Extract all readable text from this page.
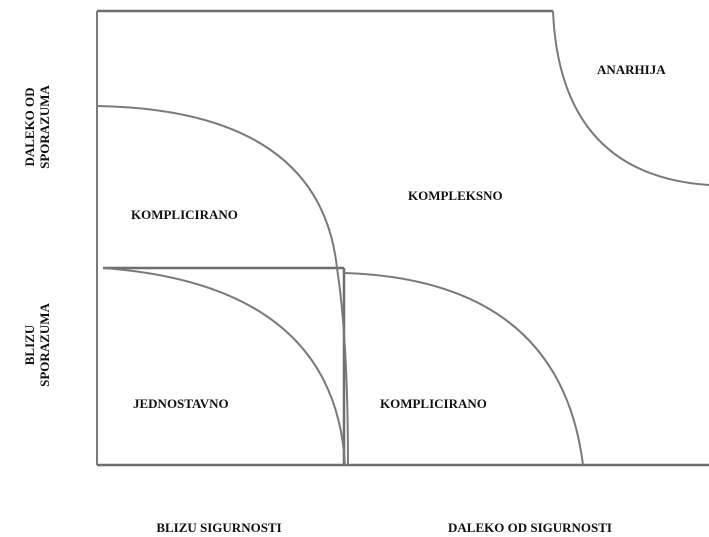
ANARHIJA
KOMPLEKSNO
KOMPLICIRANO
JEDNOSTAVNO	KOMPLICIRANO
DALEKO OD SPORAZUMA
BLIZU SPORAZUMA
BLIZU SIGURNOSTI	DALEKO OD SIGURNOSTI
